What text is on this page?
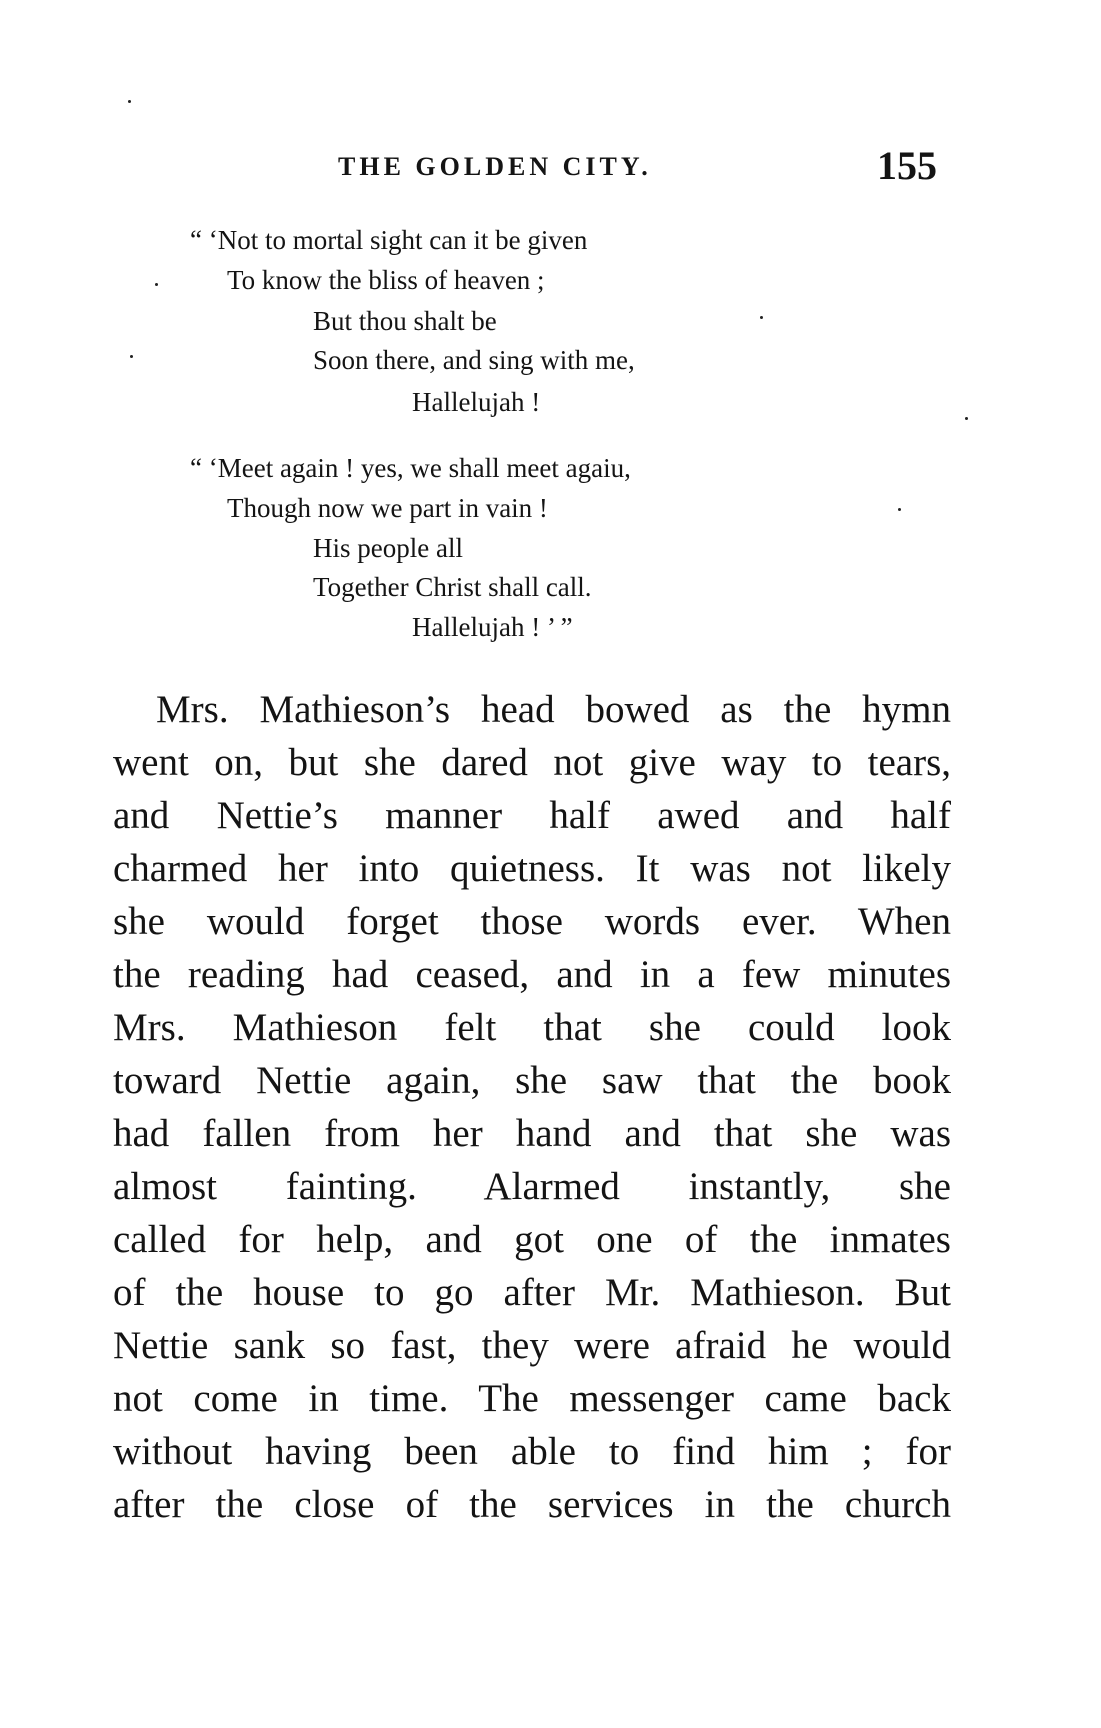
THE GOLDEN CITY.	155
“ ‘Not to mortal sight can it be given
To know the bliss of heaven ;
But thou shalt be
Soon there, and sing with me,
Hallelujah !
“ ‘Meet again ! yes, we shall meet agaiu,
Though now we part in vain !
His people all
Together Christ shall call.
Hallelujah ! ’ ”
Mrs. Mathieson’s head bowed as the hymn
went on, but she dared not give way to tears,
and Nettie’s manner half awed and half
charmed her into quietness. It was not likely
she would forget those words ever. When
the reading had ceased, and in a few minutes
Mrs. Mathieson felt that she could look
toward Nettie again, she saw that the book
had fallen from her hand and that she was
almost fainting. Alarmed instantly, she
called for help, and got one of the inmates
of the house to go after Mr. Mathieson. But
Nettie sank so fast, they were afraid he would
not come in time. The messenger came back
without having been able to find him ; for
after the close of the services in the church
